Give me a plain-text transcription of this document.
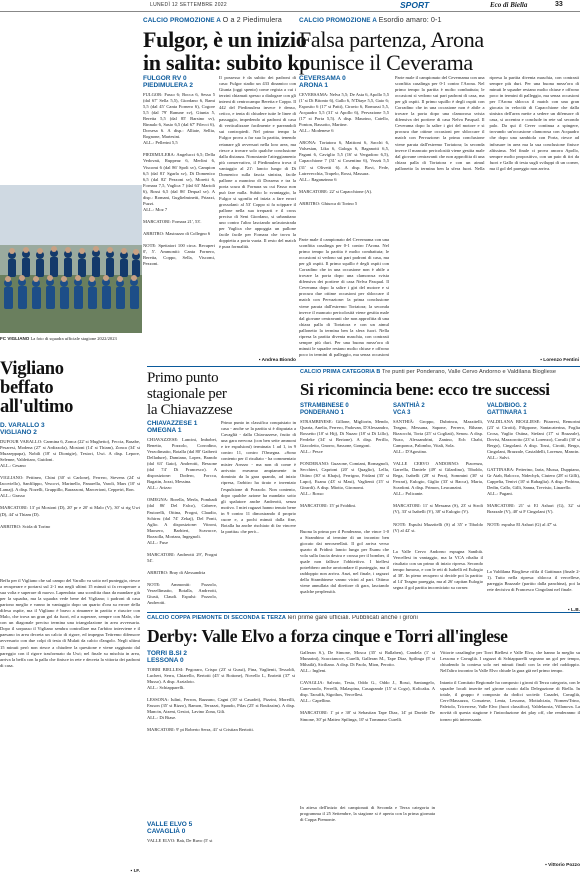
LUNEDÌ 12 SETTEMBRE 2022	SPORT	Eco di Biella	33
CALCIO PROMOZIONE A O a 2 Piedimulera
Fulgor, è un inizio
in salita: subito ko
FULGOR RV 0
PIEDIMULERA 2
FULGOR: Fasso 6; Bocca 6, Sessa 5 (dal 67' Sella 5,5), Giordano 6, Rami 5,5 (dal 45' Canta Fornero 6), Cogore 5,5 (dal 79' Ranune sv), Giunta 5, Beretta 5,5 (dal 85' Barsino sv), Rinnalo 6, Sasio 6,5 (dal 67' Filecci 6), Dorsesa 6. A disp.: Alliate, Sellia, Rognone, Martesini.
ALL.: Pellerini 5,5

PIEDIMULERA: Angelucci 6,5; Della Vedovati, Ruppeaz 6, Merlini 6, Viscomi 6 (dal 86' Spoli sv), Campion 6,5 (dal 81' Sgarla sv), Di Domenico 6,5 (dal 82' Pezzoni sv), Moretti 6, Fornara 7,5, Vaglica 7 (dal 63' Martoli 6), Rossi 6,5 (dal 86' Dequal sv). A disp.: Romani, Guglielminetti, Priazzi, Puzzi.
ALL.: Moz 7

MARCATORI: Fornara 21', 53'.

ARBITRO: Mastrazzo di Collegno 6

NOTE: Spettatori 100 circa. Recuperi 0', 5'. Ammoniti: Canta Fornero, Beretta, Coppo, Sella, Viscomi, Pezzoni.

Il possesso è da subito dei padroni di casa: Fulgor stadio un 433 dinamico con Giunta (oggi spento) come regista a cui i terzini chiamati spesso a dialogare con gli interni di centrocampo Beretta e Coppo. Il 442 del Piedimulera invece è denso, cetico, e tenta di chiudere tutte le linee di passaggio, impedendo ai padroni di casa di verticalizzare facilmente e pareandoli sui contropiedi. Nel primo tempo la Fulgor prova a far sua la partita, tenendo retanare gli avversari nella loro area, ma riesce a trovare solo qualche conclusione dalla distanza. Nonostante l'atteggiamento più conservativo, il Piedimulera trova il vantaggio al 21': lancio lungo di Di Domenico sulla fascia sinistra, facile pallone a mancino di Dossena e tra la porta scura di Fornara su cui Fasso non può fare nulla. Subito lo svantaggio, la Fulgor si sgonfia ed inizia a fare errori grossolani: al 53' Coppo si fa scippare il pallone nella sua trequarti e il cross preciso di Seni Giordano, si urbanitano uno contro l'altro lasciando un'autostrada per Vaglica che appoggia un pallone facile facile per Fornara che trova la doppietta a porta vuota. Il resto del match è pura formalità.

▪ Andrea Biondo
CALCIO PROMOZIONE A Esordio amaro: 0-1
Falsa partenza, Arona
punisce il Ceverama
CEVERSAMA 0
ARONA 1
CEVERSAMA: Nelva 5,5; De Asta 6, Apollo 5,5 (1' st Di Bitonto 6), Gallo 6, N'Diaye 5,5, Gaio 6; Esposito 6 (17' st Patti), Ciravio 6, Romussi 5,5, Acquadro 5,5 (31' st Apollo 6), Pervazione 5,5 (17' st Porta 5,5). A disp. Maurino, Catello, Ponton, Bassotto, Martine.
ALL.: Modenese 6

ARONA: Tortatora 6, Mattioni 6, Sacchi 6, Valsesian, Lika 6, Galoga 6, Baganotti 6,5, Pagani 6, Caviglio 5,5 (16' st Vergadoro 6,5), Capacchione 7 (31' st Cosentino 6), Vezzù 5,5 (31' st Olivetti 6). A disp. Bovi, Fede, Latrevecchia, Trapelo, Rossi, Massara.
ALL.: Raganzinno 6

MARCATORE: 22' st Capacchione (A).

ARBITRO: Ghiurca di Torino 5

Parte male il campionato del Cevernama con una sconfitta casalinga per 0-1 contro l'Arona. Nel primo tempo la partita è molto combattuta; le occasioni si vedono sui pari padroni di casa, ma per gli ospiti. Il primo squillo è degli ospiti con Corradino che in una occasione non è abile a trovare la porta dopo una clamorosa svista difensiva dei portiere di casa Nelva Pasqual. Il Ceverama dopo la salire i giri del motore e si procura due ottime occasioni per sbloccare il match con Pervazione: la prima conclusione viene parata dall'estremo Tortatora; la seconda invece il mancato pericolosità viene gestita male dal giovane centravanti che non approfitta di una chiara palla di Tortatora e con un aimul pallonetto la termina ben la sfera fuori. Nella ripresa la partita diventa maschia, con contrasti sempre più duri. Per una buona mezz'ora di minuti le squadre restano molto chiuse e offrono poco in termini di palleggio, ma senza occasioni

Parte male il campionato del Cevernama con una sconfitta casalinga per 0-1 contro l'Arona. Nel primo tempo la partita è molto combattuta; le occasioni si vedono sui pari padroni di casa, ma per gli ospiti. Il primo squillo è degli ospiti con Corradino che in una occasione non è abile a trovare la porta dopo una clamorosa svista difensiva dei portiere di casa Nelva Pasqual. Il Ceverama dopo la salire i giri del motore e si procura due ottime occasioni per sbloccare il match con Pervazione: la prima conclusione viene parata dall'estremo Tortatora; la seconda invece il mancato pericolosità viene gestita male dal giovane centravanti che non approfitta di una chiara palla di Tortatora e con un aimul pallonetto la termina ben la sfera fuori. Nella ripresa la partita diventa maschia, con contrasti sempre più duri. Per una buona mezz'ora di minuti le squadre restano molto chiuse e offrono poco in termini di palleggio, ma senza occasioni per l'Arona sblocca il match con una gran giocata in velocità di Capacchione che dalla sinistra dell'area mette a sedere un difensore di casa, si accentra e conclude in rete sul secondo palo. Da qui il Cever continua a spingere, trovando un'occasione clamorosa con Acquadro che dopo una sambiola con Porta, riesce ad infrasare in area ma la sua conclusione finisce altissima. Nel finale ci prova ancora Apollo, sempre molto propositivo, con un paio di tiri da fuori e Gallo di testa sugli sviluppi di un corner, ma il gol del pareggio non arriva.

▪ Lorenzo Fentini
FC VIGLIANO La foto di squadra ufficiale stagione 2022/2023
Vigliano
beffato
all'ultimo
D. VARALLO 3
VIGLIANO 2
DUFOUR VARALLO: Carmina 6, Zonca (22' st Mughetto), Feccia, Basabe, Pesaresi, Modena (27' st Ardizzola), Mostoni (14' st Thiam), Zonca (34' st Muzzeppapa), Nobili (18' st Dionigie), Testori, Uwi. A disp. Lepore, Selenne, Valdettaro, Guidoni.
ALL.: Cesano

VIGLIANO: Pettineo, Chini (30' st Carlone), Ferrero, Stevens (24' st Iacoviello), Sanfilippo, Vescovi, Marinello, Panarella, Varoli, Mars (10' st Lamaj). A disp. Nozelli, Gruppillo, Barazzoni, Marcerioni, Ceppetri, Ron.
ALL.: Grasso

MARCATORI: 13' pt Mostoni (D), 20' pr e 20' st Malo (V), 30' st rig Uwi (D), 44' st Thiam (D).

ARBITRO: Scida di Torino

Beffa per il Vigliano che sul campo del Varallo va sotto nel punteggio, riesce a recuperare e portarsi sul 2-1 ma negli ultimi 15 minuti si fa recuperare a sua volta e superare di nuovo. Lapendata: una sconfitta dura da mandare giù per la squadra, ma la squadra vede bene del Vigliano; i padroni di casa partono meglio e vanno in vantaggio dopo un quarto d'ora su errore della difesa ospite, ma il Vigliano è bravo a rimanere in partita e riuscire con Malo, che trova un gran gol da fuori, ed a superare, sempre con Malo, che con un diagonale preciso termina una triangolazione in area avversaria. Dopo il sorpasso il Vigliano sembra controllare ma l'arbitro interviene e il paesano in area decreta un calcio di rigore, ed impegna Tettremo difensore avversario con due colpi di testa di Mulati da calcio d'angolo. Negli ultimi 15 minuti però non riesce a chiudere la questione e viene raggiunto dal pareggio con il rigore trasformato da Uwi; nel finale su mischia in area, arriva la beffa con la palla che finisce in rete e decreta la vittoria dei padroni di casa.

▪ I.F.
Primo punto
stagionale per
la Chiavazzese
CHIAVAZZESE 1
OMEGNA 1
CHIAVAZZESE: Lancini, Imbobei, Benetto, Pozzolo, Corrodino, Verzolimatto, Botalla (dal 80' Gaiberti Delladure), Damiano, Lopez, Brando (dal 63' Gaio), Andreotti, Bessone (dal 74' Di Francesco). A disposizione: Dodero, Forcca, Bagatin, Jozzi, Messina.
ALL.: Arizzo

OMEGNA: Borella, Merla, Pombadi (dal 86' Del Falco), Cabrere, Pastorelli, Ottina, Progni, Claudio, Schirru (dal 74' Zekaj), Del Ponti, Aglio. A disposizione: Vitroni, Maosero, Barbieri, Scavacce, Bozzolla, Mortara, Ingegnoli.
ALL.: Fuse

MARCATORI: Andreotti 29', Progni 54'.

ARBITRO: Bray di Alessandria

NOTE: Ammoniti: Pozzolo, Verzellimatto, Botalla, Andreotti, Giusti, Claudi. Espulsi: Pozzolo, Andreotti.

Primo punto in classifica conquistato in casa - anche se la partita si è disputata a Cavaglià - dalla Chiavazzese, frutto di una gara nervosa (con ben sette ammoni e tre espulsioni) terminata 1 ad 1, in 9 contro 11, contro l'Omegna. «Sono contento per il risultato - ha commentato mister Arezzo - ma non di come è arrivato: eravamo ampiamente in dominio da la gara quando, ad inizio ripresa, l'arbitro ha tirato e inventato l'espulsione di Pozzolo. Non contento, dopo qualche azione ha mandato sotto gli spalatore anche Andreotti, senza motivo. I miei ragazzi hanno tenuto bene in 9 contro 11 dimostrando il proprio cuore e, a pochi minuti dalla fine, Botalla ha anche rischiato di far vincere la partita» che però...

CALCIO PRIMA CATEGORIA B Tre punti per Ponderano, Valle Cervo Andorno e Valdilana Biogliese
Si ricomincia bene: ecco tre successi
STRAMBINESE 0
PONDERANO 1
STRAMBINESE: Gillone, Migliorin, Mendo, Quarta, Anelia, Ferrero, Padovan, D'Alessandro, Rossetto (10' st Hij), Di Nuzzo (18' st Di Lillo), Ferdeke (34' st Bertone). A disp. Perillo, Giacoletto, Gnorro, Sassone, Gongoni.
ALL.: Pesce

PONDERANO: Guzzone, Comiani, Romagnoli, Secchieri, Caprioni (20' st Quaglio), Lella, Ottino (30' st Khaju), Ferrigno, Fridani (35' st Lupo), Esanu (43' st Masi), Vaglienti (15' st Girardi). A disp. Miotto, Gironomi.
ALL.: Rosso

MARCATORI: 15' pt Friddini.
Buona la prima per il Ponderano, che vince 1-0 a Strambino al termine di un incontro ben giocato dai neroserellati. Il gol arriva verso quarto di Fridini: lancio lungo per Esanu che vola sulla fascia destra e crossa per il bomber, il quale non fallisce l'obbiettivo. I biellesi potrebbero anche arrotondare il punteggio, ma il raddoppio non arriva. Anzi, nel finale, i ragazzi della Strambinese vanno vicini al pari. Ottimo viene annullata dal direttore di gara, lasciando qualche perplessità.
SANTHIÀ 2
VCA 3
SANTHIÀ: Groppo, Dubrincu, Mazzitelli, Teagno, Messana, Sapone, Ferrero, Rihane, Bizzocchi, Torta (25' st Cogliati), Senou. A disp. Nuzo, Alessandrini, Zanino, Ech Chabi, Camponca, Palombo, Vitali, Sola.
ALL.: D'Agostino.

VALLE CERVO ANDORNO: Piacenza, Garrella, Daniele (49' st Gilardino), Tiboldo, Rega, Isabelli (28' st Pera), Sommini (30' st Ferrari), Eulogio, Giglio (33' st Bacca), Maria, Scardoni. A disp. Primon, Leucanzini.
ALL.: Policante.

MARCATORI: 11' st Messana (S), 23' st Stroli (V), 33' st Isabelli (V), 38' st Eulogio (V).

NOTE: Espulsi Mazzitelli (S) al 35' e Tiboldo (V) al 42' st.
La Valle Cervo Andorno espugna Santhià. Vercellesi in vantaggio, ma la VCA ribalta il risultato con un primo di inizio ripresa. Secondo tempo fumoso, e con le reti di Isabelli ed Eulogio al 38'. In pieno recupero si decide poi la partita: al 14' Teagno pareggia, ma al 26' capitan Eulogio segna il gol partita incorniciato su corner.
VALD/BIOG. 2
GATTINARA 1
VALDILANA BIOGLIESE: Pitarresi, Remorini (23' st Cirotti), Filippone, Santacaterina, Foglia Crosa, Vaglio Ostina, Stefani (17' st Brazzale), Dovisi, Mazzorotto (23' st Lorenzo), Cavalli (30' st Bergo), Cingolani. A disp. Tossi, Cirotti, Bergo, Cingolani, Brazzale, Castaldelli, Lorenzo, Mancin.
ALL.: Salvi.

GATTINARA: Petterino, Iaria, Mussa, Duppiano, Gr Atab, Balocco, Nidechyk, Ciutero (28' st Gilli), Cappelia, Tenivi (10' st Rabaglia). A disp. Pedrina, Dedin, Callo, Gilli, Sanna, Trevisio, Linarello.
ALL.: Pagani.

MARCATORI: 21' st El Azhari (G), 32' st Brazzale (V), 40' st F Cingolani (V).

NOTE: espulso El Azhari (G) al 47' st.
La Valdilana Biogliese rifila il Gattinara (finale 2-1). Tutto nella ripresa: sblocca il vercellese, pareggia Brazzale (partito dalla panchina), poi la rete decisiva di Francesco Cingolani nel finale.
▪ L.B.
CALCIO COPPA PIEMONTE DI SECONDA E TERZA Ieri prime gare ufficiali. Pubblicati anche i gironi
Derby: Valle Elvo a forza cinque e Torri all'inglese
TORRI B.SI 2
LESSONA 0
TORRI BIELLESI: Pegoraro, Crispo (23' st Gussi), Fina, Vaglienti, Tessoldi, Lucheri, Serra, Chiarello, Bertotti (45' st Bottone), Novello L, Enrietti (37' st Musso). A disp. Arzialoto.
ALL.: Schiapparelli.

LESSONA: Iulini, Ferron, Bazzano, Cagni (10' st Casadei), Pizzini, Moreilli, Fasson (35' st Rizzo), Ramon, Terrazzi, Spaudo, Pilas (25' st Boukssim). A disp. Mancin, Atzeni, Gesiot, Lavino Zona, Gili.
ALL.: Di Biase.

MARCATORI: 9' pt Roberto Serra, 41' st Cristian Bertotti.
VALLE ELVO 5
CAVAGLIÀ 0
VALLE ELVO: Baù, De Ruvo (5' st
Galleran S.), De Simone, Mosca (35' st Ballaben), Candela (1' st Munarini), Scaccianoce, Curelli, Galleran M., Tape Diaz, Spilinga (5' st Mihailà), Siciliano. A disp. Di Paolo, Mion, Perotto.
ALL.: Ingleni.

CAVAGLIA: Salvato, Testa, Oddo G., Oddo J., Rossi, Santangelo, Canevarolo, Ferrelli, Malaspina, Casagrande (15' st Cogo), Kolicaku. A disp. Taoufik, Sigothos, Vercellesi.
ALL.: Capellino.

MARCATORI: 1' pt e 30' st Sebastian Tape Diaz, 14' pt Davide De Simone, 30' pt Matteo Spilinga, 10' st Tommaso Curelli.
In attesa dell'inizio dei campionati di Seconda e Terza categoria in programma il 25 Settembre, la stagione si è aperta con la prima giornata di Coppa Piemonte.
Vittorie casalinghe per Torri Biellesi e Valle Elvo, che hanno la meglio su Lessona e Cavaglià. I ragazzi di Schiapparelli segnano un gol per tempo, chiudendo la contesa solo nei minuti finali con la rete del raddoppio. Nell'altro incontro la Valle Elvo chiude la gara già nel primo tempo.

Intanto il Comitato Regionale ha composto i gironi di Terza categoria, con le squadre locali inserite nel girone curato dalla Delegazione di Biella. In totale, il gruppo è composto da dodici società: Casadei, Cavaglià, Cerv/Massazza, Cossatese, Lenta, Lessona, Mottalciata, Nomen/Trino, Paletolo, Tricerrese, Valle Elvo (fuori classifica), Valdelaosta, Villanova. La novità di questa stagione è l'introduzione dei play off, che renderanno il torneo più interessante.
▪ Vittorio Pozzo
